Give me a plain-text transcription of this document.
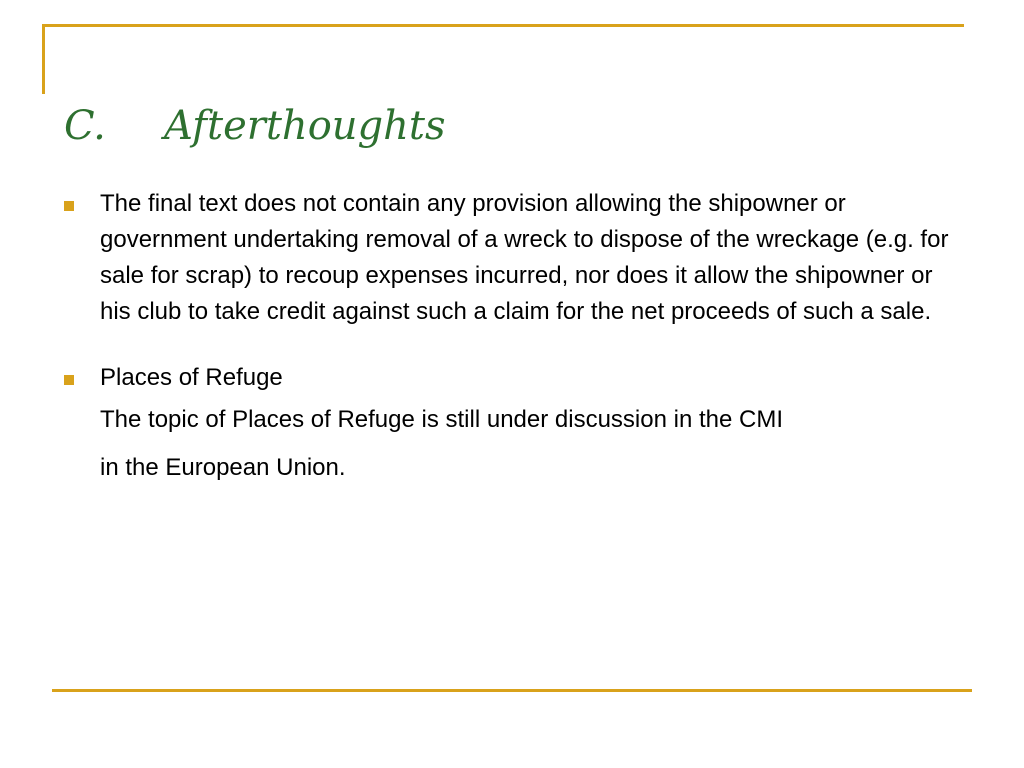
C. Afterthoughts
The final text does not contain any provision allowing the shipowner or government undertaking removal of a wreck to dispose of the wreckage (e.g. for sale for scrap) to recoup expenses incurred, nor does it allow the shipowner or his club to take credit against such a claim for the net proceeds of such a sale.
Places of Refuge
The topic of Places of Refuge is still under discussion in the CMI
in the European Union.
